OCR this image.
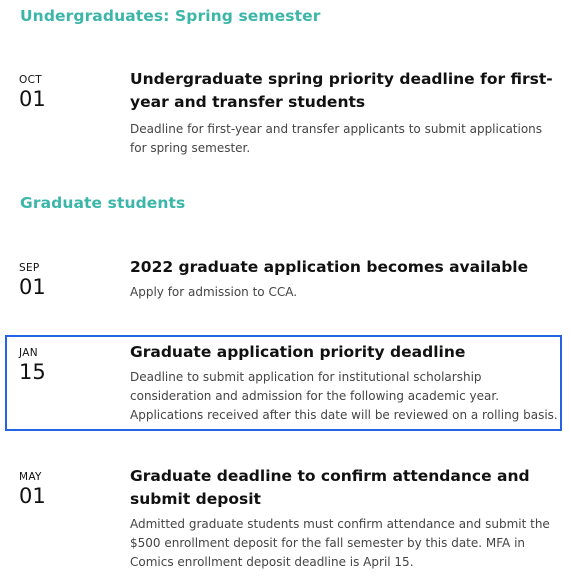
Undergraduates: Spring semester
OCT
01
Undergraduate spring priority deadline for first-year and transfer students

Deadline for first-year and transfer applicants to submit applications for spring semester.

Graduate students
SEP
01
2022 graduate application becomes available

Apply for admission to CCA.

JAN
15
Graduate application priority deadline

Deadline to submit application for institutional scholarship consideration and admission for the following academic year. Applications received after this date will be reviewed on a rolling basis.

MAY
01
Graduate deadline to confirm attendance and submit deposit

Admitted graduate students must confirm attendance and submit the $500 enrollment deposit for the fall semester by this date. MFA in Comics enrollment deposit deadline is April 15.
